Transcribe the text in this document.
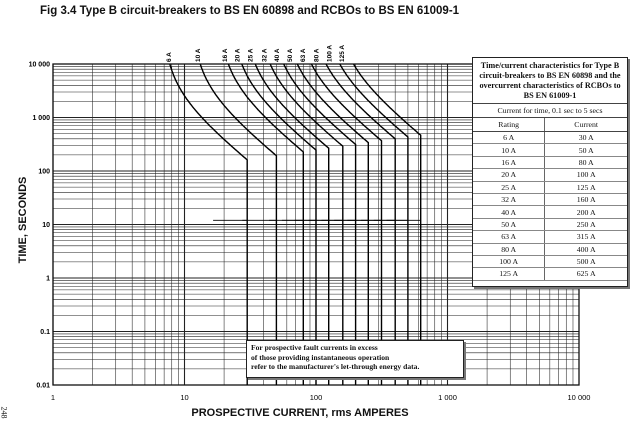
Fig 3.4 Type B circuit-breakers to BS EN 60898 and RCBOs to BS EN 61009-1
6 A	10 A	16 A 20 A 25 A 32 A 40 A 50 A 63 A 80 A 100 A 125 A
1	10	100	1 000	10 000
0.01
0.1
1
10
100
1 000
10 000
TIME, SECONDS
PROSPECTIVE CURRENT, rms AMPERES
248
Time/current characteristics for Type B circuit-breakers to BS EN 60898 and the overcurrent characteristics of RCBOs to BS EN 61009-1
Current for time, 0.1 sec to 5 secs
Rating	Current
6 A	30 A
10 A	50 A
16 A	80 A
20 A	100 A
25 A	125 A
32 A	160 A
40 A	200 A
50 A	250 A
63 A	315 A
80 A	400 A
100 A	500 A
125 A	625 A
For prospective fault currents in excess
of those providing instantaneous operation
refer to the manufacturer's let-through energy data.
